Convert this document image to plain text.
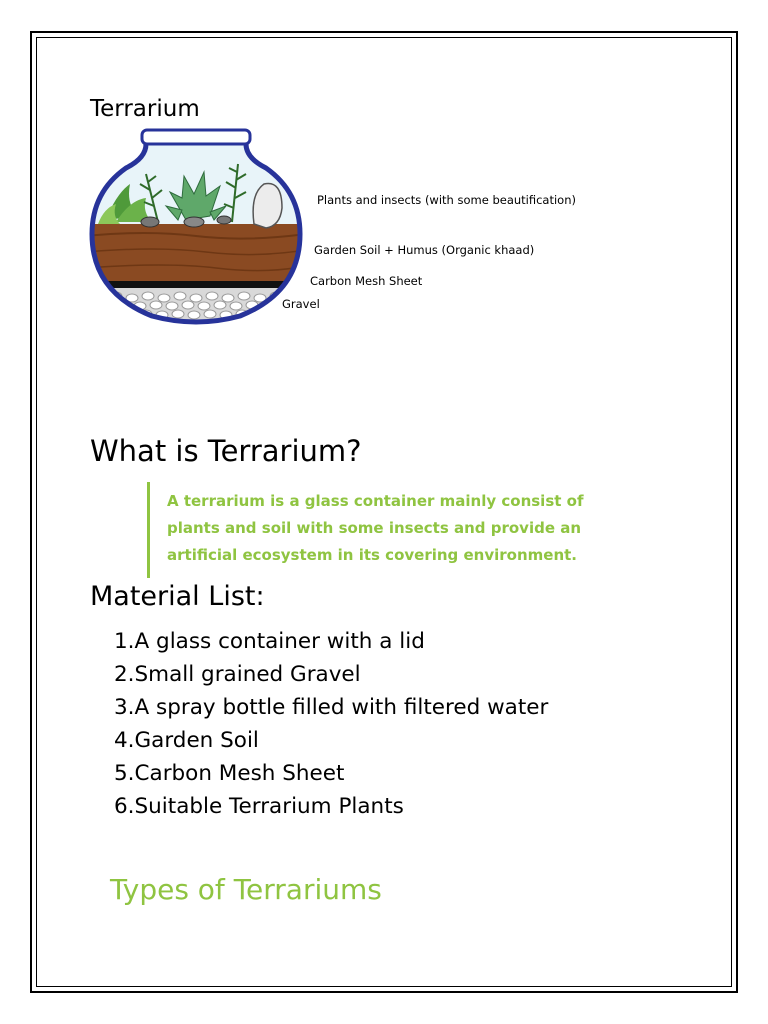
Terrarium
Plants and insects (with some beautification)
Garden Soil + Humus (Organic khaad)
Carbon Mesh Sheet
Gravel
What is Terrarium?
A terrarium is a glass container mainly consist of plants and soil with some insects and provide an artificial ecosystem in its covering environment.
Material List:
1.A glass container with a lid
2.Small grained Gravel
3.A spray bottle filled with filtered water
4.Garden Soil
5.Carbon Mesh Sheet
6.Suitable Terrarium Plants
Types of Terrariums
